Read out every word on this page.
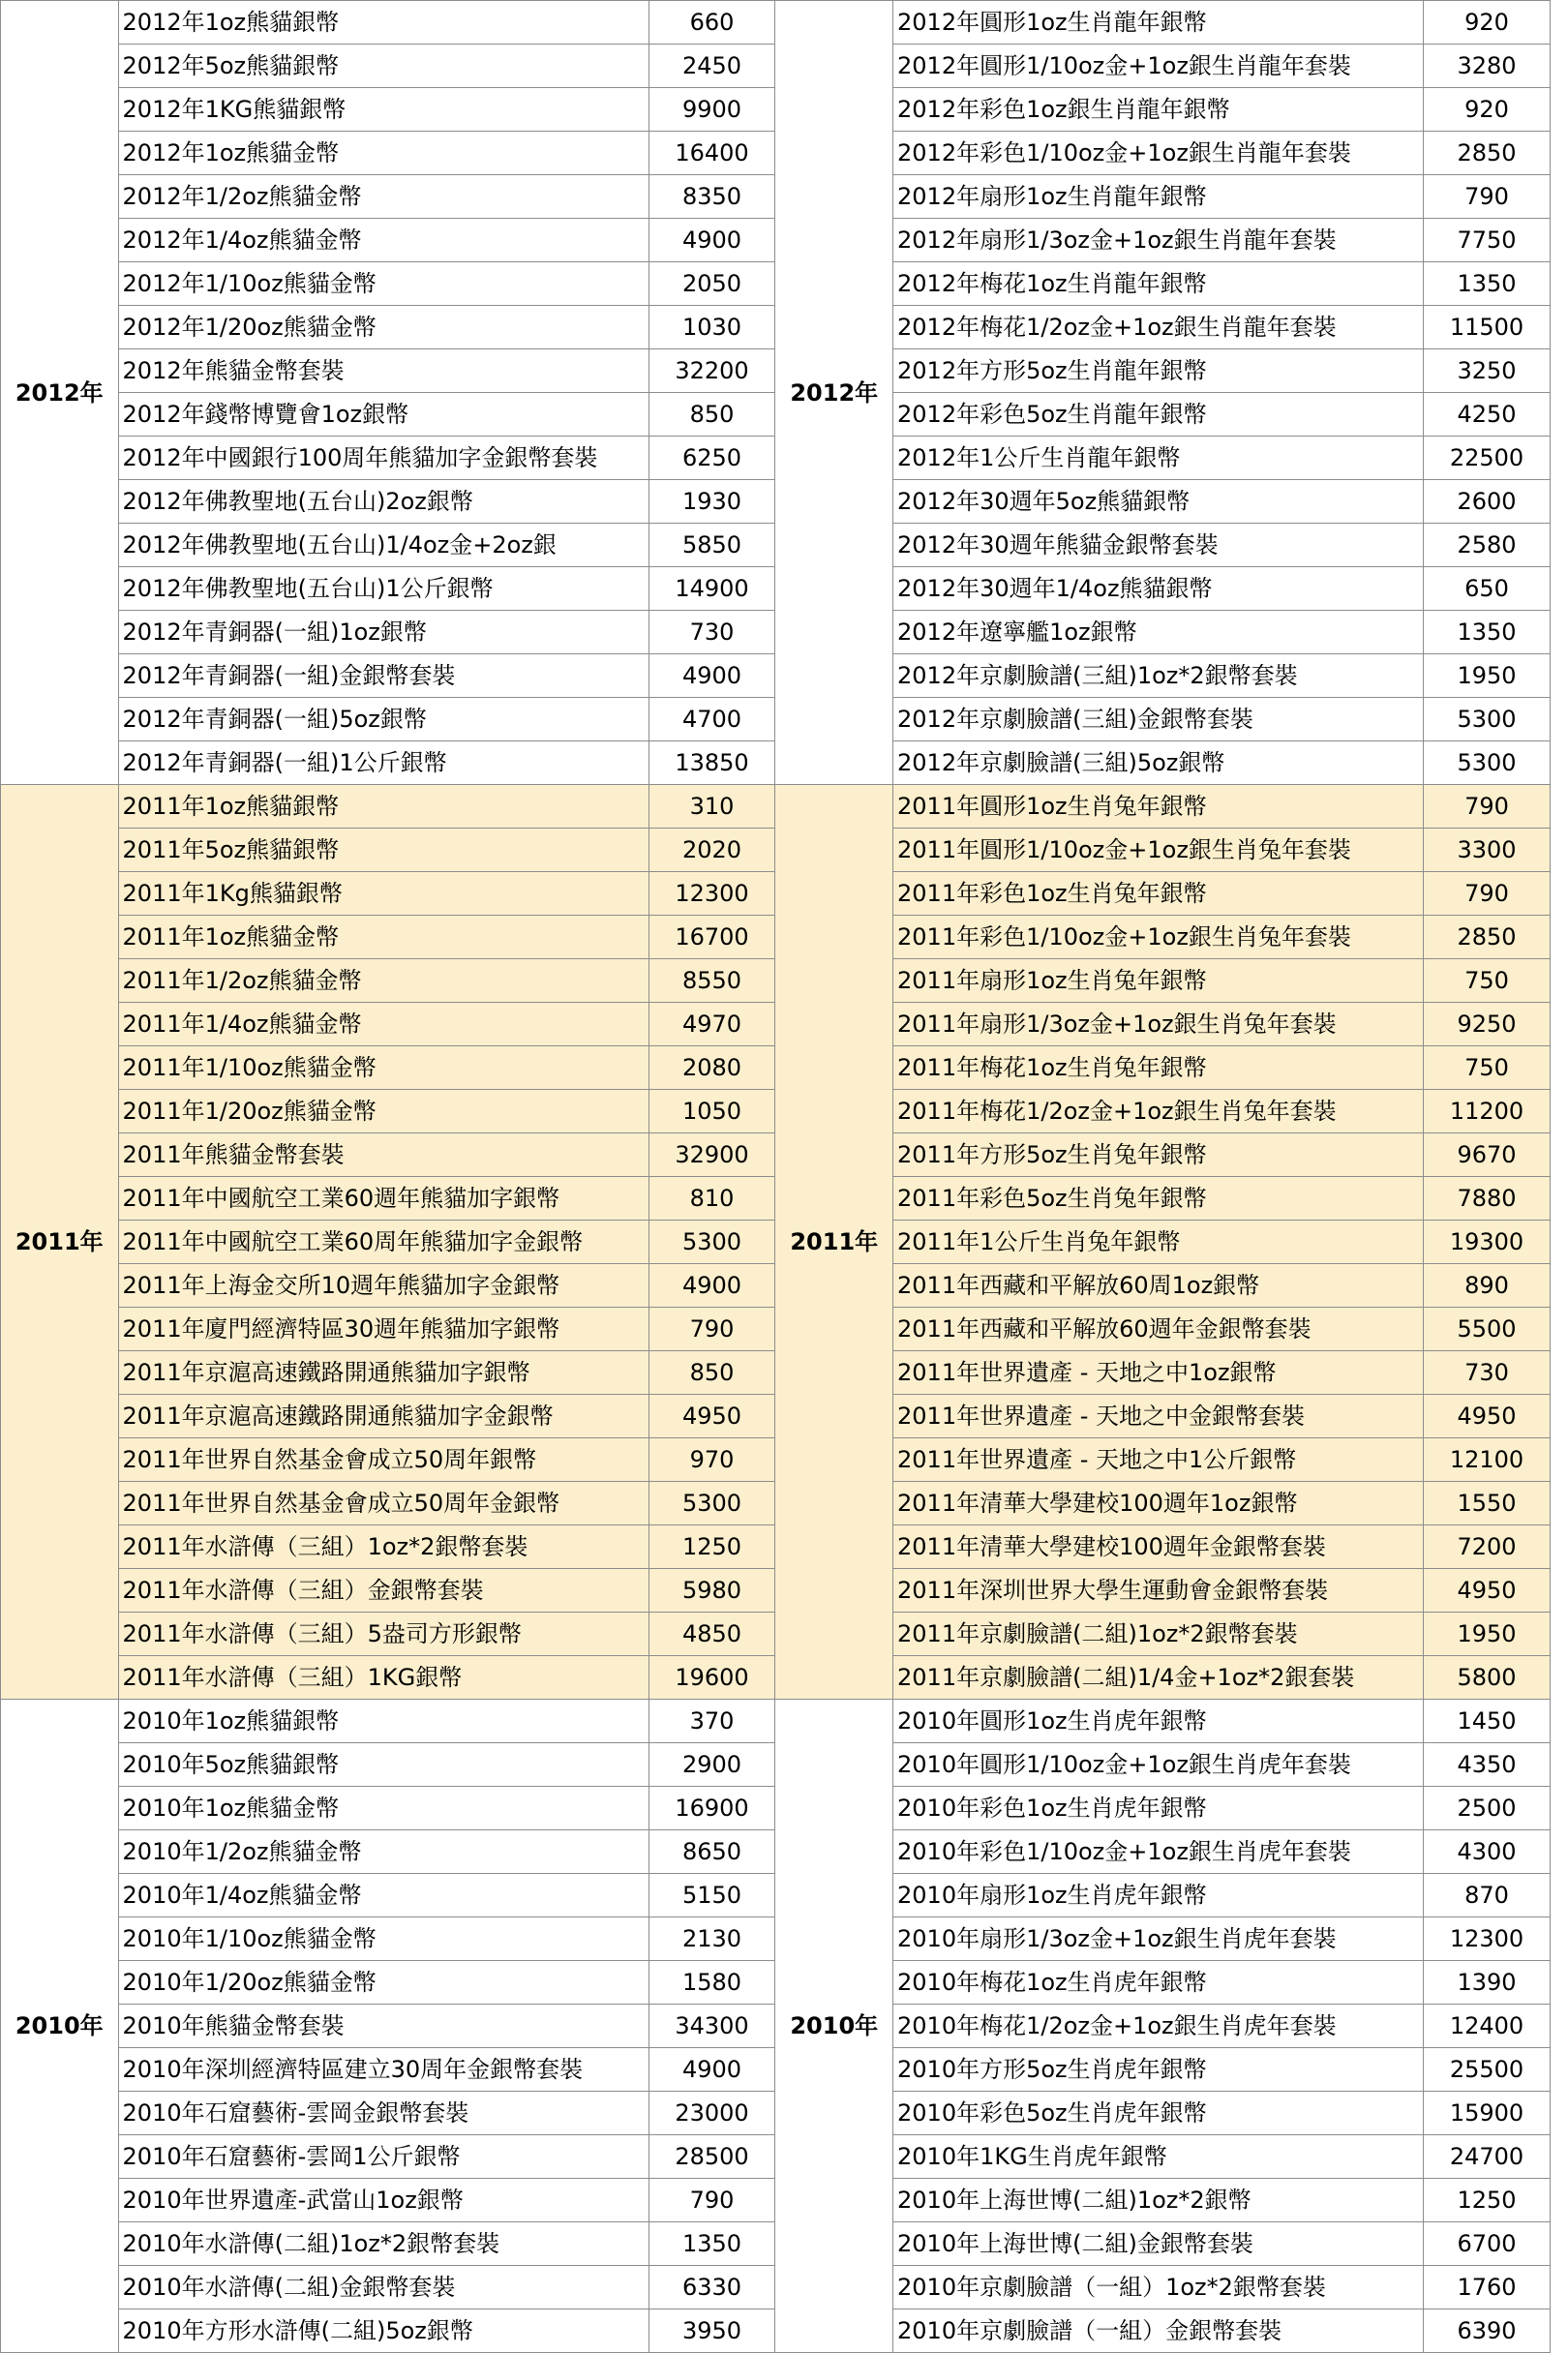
2012年	2012年1oz熊貓銀幣	660	2012年	2012年圓形1oz生肖龍年銀幣	920
	2012年5oz熊貓銀幣	2450		2012年圓形1/10oz金+1oz銀生肖龍年套裝	3280
	2012年1KG熊貓銀幣	9900		2012年彩色1oz銀生肖龍年銀幣	920
	2012年1oz熊貓金幣	16400		2012年彩色1/10oz金+1oz銀生肖龍年套裝	2850
	2012年1/2oz熊貓金幣	8350		2012年扇形1oz生肖龍年銀幣	790
	2012年1/4oz熊貓金幣	4900		2012年扇形1/3oz金+1oz銀生肖龍年套裝	7750
	2012年1/10oz熊貓金幣	2050		2012年梅花1oz生肖龍年銀幣	1350
	2012年1/20oz熊貓金幣	1030		2012年梅花1/2oz金+1oz銀生肖龍年套裝	11500
	2012年熊貓金幣套裝	32200		2012年方形5oz生肖龍年銀幣	3250
	2012年錢幣博覽會1oz銀幣	850		2012年彩色5oz生肖龍年銀幣	4250
	2012年中國銀行100周年熊貓加字金銀幣套裝	6250		2012年1公斤生肖龍年銀幣	22500
	2012年佛教聖地(五台山)2oz銀幣	1930		2012年30週年5oz熊貓銀幣	2600
	2012年佛教聖地(五台山)1/4oz金+2oz銀	5850		2012年30週年熊貓金銀幣套裝	2580
	2012年佛教聖地(五台山)1公斤銀幣	14900		2012年30週年1/4oz熊貓銀幣	650
	2012年青銅器(一組)1oz銀幣	730		2012年遼寧艦1oz銀幣	1350
	2012年青銅器(一組)金銀幣套裝	4900		2012年京劇臉譜(三組)1oz*2銀幣套裝	1950
	2012年青銅器(一組)5oz銀幣	4700		2012年京劇臉譜(三組)金銀幣套裝	5300
	2012年青銅器(一組)1公斤銀幣	13850		2012年京劇臉譜(三組)5oz銀幣	5300
2011年	2011年1oz熊貓銀幣	310	2011年	2011年圓形1oz生肖兔年銀幣	790
	2011年5oz熊貓銀幣	2020		2011年圓形1/10oz金+1oz銀生肖兔年套裝	3300
	2011年1Kg熊貓銀幣	12300		2011年彩色1oz生肖兔年銀幣	790
	2011年1oz熊貓金幣	16700		2011年彩色1/10oz金+1oz銀生肖兔年套裝	2850
	2011年1/2oz熊貓金幣	8550		2011年扇形1oz生肖兔年銀幣	750
	2011年1/4oz熊貓金幣	4970		2011年扇形1/3oz金+1oz銀生肖兔年套裝	9250
	2011年1/10oz熊貓金幣	2080		2011年梅花1oz生肖兔年銀幣	750
	2011年1/20oz熊貓金幣	1050		2011年梅花1/2oz金+1oz銀生肖兔年套裝	11200
	2011年熊貓金幣套裝	32900		2011年方形5oz生肖兔年銀幣	9670
	2011年中國航空工業60週年熊貓加字銀幣	810		2011年彩色5oz生肖兔年銀幣	7880
	2011年中國航空工業60周年熊貓加字金銀幣	5300		2011年1公斤生肖兔年銀幣	19300
	2011年上海金交所10週年熊貓加字金銀幣	4900		2011年西藏和平解放60周1oz銀幣	890
	2011年廈門經濟特區30週年熊貓加字銀幣	790		2011年西藏和平解放60週年金銀幣套裝	5500
	2011年京滬高速鐵路開通熊貓加字銀幣	850		2011年世界遺產 - 天地之中1oz銀幣	730
	2011年京滬高速鐵路開通熊貓加字金銀幣	4950		2011年世界遺產 - 天地之中金銀幣套裝	4950
	2011年世界自然基金會成立50周年銀幣	970		2011年世界遺產 - 天地之中1公斤銀幣	12100
	2011年世界自然基金會成立50周年金銀幣	5300		2011年清華大學建校100週年1oz銀幣	1550
	2011年水滸傳（三組）1oz*2銀幣套裝	1250		2011年清華大學建校100週年金銀幣套裝	7200
	2011年水滸傳（三組）金銀幣套裝	5980		2011年深圳世界大學生運動會金銀幣套裝	4950
	2011年水滸傳（三組）5盎司方形銀幣	4850		2011年京劇臉譜(二組)1oz*2銀幣套裝	1950
	2011年水滸傳（三組）1KG銀幣	19600		2011年京劇臉譜(二組)1/4金+1oz*2銀套裝	5800
2010年	2010年1oz熊貓銀幣	370	2010年	2010年圓形1oz生肖虎年銀幣	1450
	2010年5oz熊貓銀幣	2900		2010年圓形1/10oz金+1oz銀生肖虎年套裝	4350
	2010年1oz熊貓金幣	16900		2010年彩色1oz生肖虎年銀幣	2500
	2010年1/2oz熊貓金幣	8650		2010年彩色1/10oz金+1oz銀生肖虎年套裝	4300
	2010年1/4oz熊貓金幣	5150		2010年扇形1oz生肖虎年銀幣	870
	2010年1/10oz熊貓金幣	2130		2010年扇形1/3oz金+1oz銀生肖虎年套裝	12300
	2010年1/20oz熊貓金幣	1580		2010年梅花1oz生肖虎年銀幣	1390
	2010年熊貓金幣套裝	34300		2010年梅花1/2oz金+1oz銀生肖虎年套裝	12400
	2010年深圳經濟特區建立30周年金銀幣套裝	4900		2010年方形5oz生肖虎年銀幣	25500
	2010年石窟藝術-雲岡金銀幣套裝	23000		2010年彩色5oz生肖虎年銀幣	15900
	2010年石窟藝術-雲岡1公斤銀幣	28500		2010年1KG生肖虎年銀幣	24700
	2010年世界遺產-武當山1oz銀幣	790		2010年上海世博(二組)1oz*2銀幣	1250
	2010年水滸傳(二組)1oz*2銀幣套裝	1350		2010年上海世博(二組)金銀幣套裝	6700
	2010年水滸傳(二組)金銀幣套裝	6330		2010年京劇臉譜（一組）1oz*2銀幣套裝	1760
	2010年方形水滸傳(二組)5oz銀幣	3950		2010年京劇臉譜（一組）金銀幣套裝	6390
